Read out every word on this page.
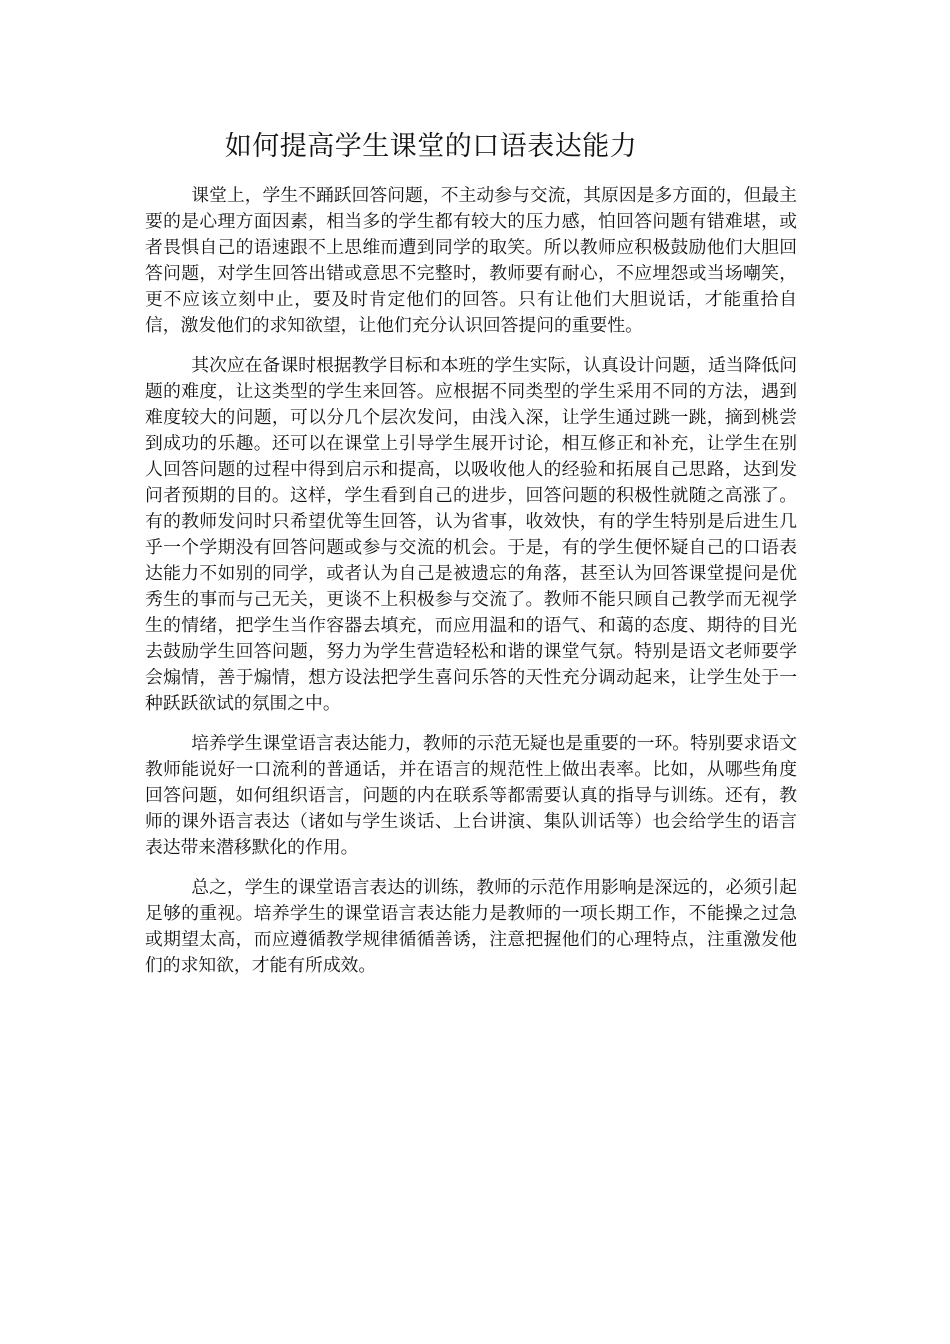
如何提高学生课堂的口语表达能力

课堂上，学生不踊跃回答问题，不主动参与交流，其原因是多方面的，但最主要的是心理方面因素，相当多的学生都有较大的压力感，怕回答问题有错难堪，或者畏惧自己的语速跟不上思维而遭到同学的取笑。所以教师应积极鼓励他们大胆回答问题，对学生回答出错或意思不完整时，教师要有耐心，不应埋怨或当场嘲笑，更不应该立刻中止，要及时肯定他们的回答。只有让他们大胆说话，才能重拾自信，激发他们的求知欲望，让他们充分认识回答提问的重要性。

其次应在备课时根据教学目标和本班的学生实际，认真设计问题，适当降低问题的难度，让这类型的学生来回答。应根据不同类型的学生采用不同的方法，遇到难度较大的问题，可以分几个层次发问，由浅入深，让学生通过跳一跳，摘到桃尝到成功的乐趣。还可以在课堂上引导学生展开讨论，相互修正和补充，让学生在别人回答问题的过程中得到启示和提高，以吸收他人的经验和拓展自己思路，达到发问者预期的目的。这样，学生看到自己的进步，回答问题的积极性就随之高涨了。有的教师发问时只希望优等生回答，认为省事，收效快，有的学生特别是后进生几乎一个学期没有回答问题或参与交流的机会。于是，有的学生便怀疑自己的口语表达能力不如别的同学，或者认为自己是被遗忘的角落，甚至认为回答课堂提问是优秀生的事而与己无关，更谈不上积极参与交流了。教师不能只顾自己教学而无视学生的情绪，把学生当作容器去填充，而应用温和的语气、和蔼的态度、期待的目光去鼓励学生回答问题，努力为学生营造轻松和谐的课堂气氛。特别是语文老师要学会煽情，善于煽情，想方设法把学生喜问乐答的天性充分调动起来，让学生处于一种跃跃欲试的氛围之中。

培养学生课堂语言表达能力，教师的示范无疑也是重要的一环。特别要求语文教师能说好一口流利的普通话，并在语言的规范性上做出表率。比如，从哪些角度回答问题，如何组织语言，问题的内在联系等都需要认真的指导与训练。还有，教师的课外语言表达（诸如与学生谈话、上台讲演、集队训话等）也会给学生的语言表达带来潜移默化的作用。

总之，学生的课堂语言表达的训练，教师的示范作用影响是深远的，必须引起足够的重视。培养学生的课堂语言表达能力是教师的一项长期工作，不能操之过急或期望太高，而应遵循教学规律循循善诱，注意把握他们的心理特点，注重激发他们的求知欲，才能有所成效。
